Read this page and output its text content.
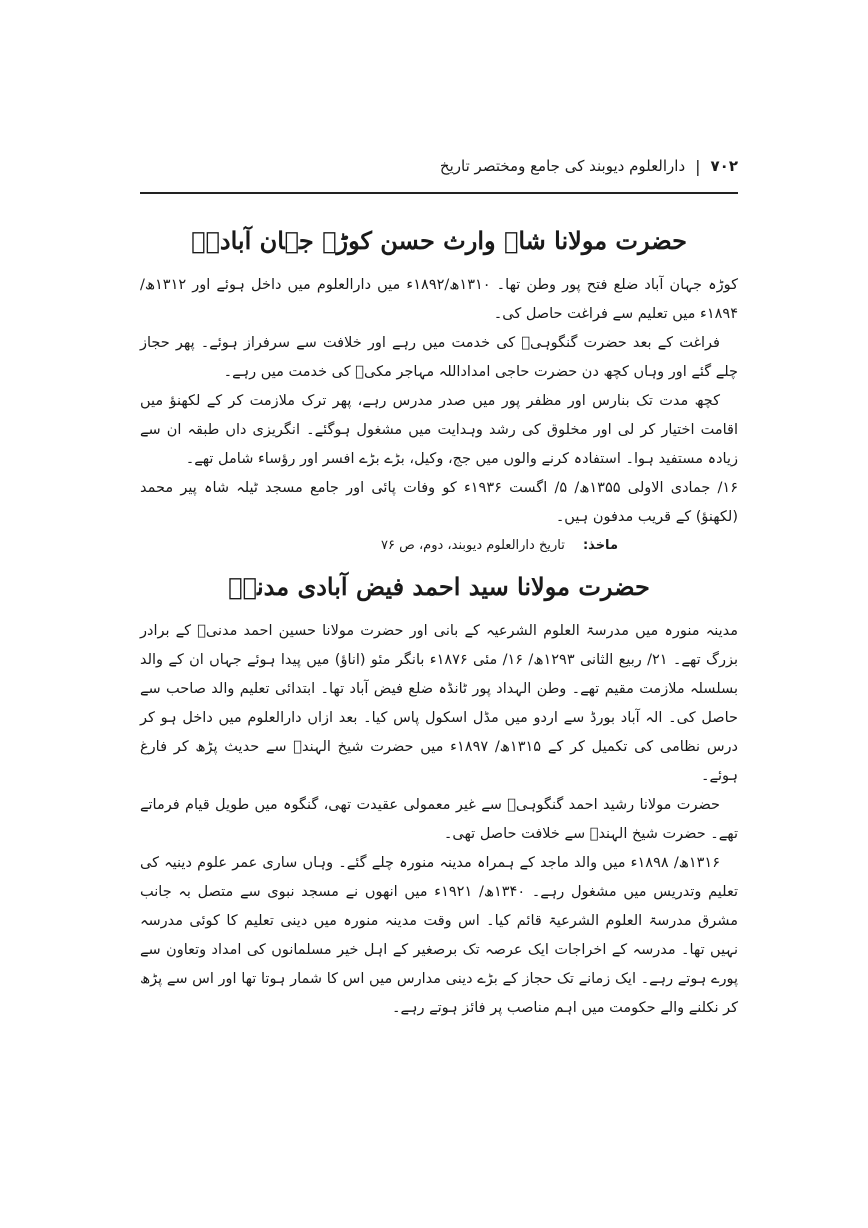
۷۰۲
|
دارالعلوم دیوبند کی جامع ومختصر تاریخ
حضرت مولانا شاہ وارث حسن کوڑہ جہان آبادیؒ

کوڑہ جہان آباد ضلع فتح پور وطن تھا۔ ۱۳۱۰ھ/۱۸۹۲ء میں دارالعلوم میں داخل ہوئے اور ۱۳۱۲ھ/۱۸۹۴ء میں تعلیم سے فراغت حاصل کی۔

فراغت کے بعد حضرت گنگوہیؒ کی خدمت میں رہے اور خلافت سے سرفراز ہوئے۔ پھر حجاز چلے گئے اور وہاں کچھ دن حضرت حاجی امداداللہ مہاجر مکیؒ کی خدمت میں رہے۔

کچھ مدت تک بنارس اور مظفر پور میں صدر مدرس رہے، پھر ترک ملازمت کر کے لکھنؤ میں اقامت اختیار کر لی اور مخلوق کی رشد وہدایت میں مشغول ہوگئے۔ انگریزی داں طبقہ ان سے زیادہ مستفید ہوا۔ استفادہ کرنے والوں میں جج، وکیل، بڑے بڑے افسر اور رؤساء شامل تھے۔

۱۶/ جمادی الاولی ۱۳۵۵ھ/ ۵/ اگست ۱۹۳۶ء کو وفات پائی اور جامع مسجد ٹیلہ شاہ پیر محمد (لکھنؤ) کے قریب مدفون ہیں۔

ماخذ: تاریخ دارالعلوم دیوبند، دوم، ص ۷۶
حضرت مولانا سید احمد فیض آبادی مدنیؒ

مدینہ منورہ میں مدرسۃ العلوم الشرعیہ کے بانی اور حضرت مولانا حسین احمد مدنیؒ کے برادر بزرگ تھے۔ ۲۱/ ربیع الثانی ۱۲۹۳ھ/ ۱۶/ مئی ۱۸۷۶ء بانگر مئو (اناؤ) میں پیدا ہوئے جہاں ان کے والد بسلسلہ ملازمت مقیم تھے۔ وطن الہداد پور ٹانڈہ ضلع فیض آباد تھا۔ ابتدائی تعلیم والد صاحب سے حاصل کی۔ الہ آباد بورڈ سے اردو میں مڈل اسکول پاس کیا۔ بعد ازاں دارالعلوم میں داخل ہو کر درس نظامی کی تکمیل کر کے ۱۳۱۵ھ/ ۱۸۹۷ء میں حضرت شیخ الہندؒ سے حدیث پڑھ کر فارغ ہوئے۔

حضرت مولانا رشید احمد گنگوہیؒ سے غیر معمولی عقیدت تھی، گنگوہ میں طویل قیام فرماتے تھے۔ حضرت شیخ الہندؒ سے خلافت حاصل تھی۔

۱۳۱۶ھ/ ۱۸۹۸ء میں والد ماجد کے ہمراہ مدینہ منورہ چلے گئے۔ وہاں ساری عمر علوم دینیہ کی تعلیم وتدریس میں مشغول رہے۔ ۱۳۴۰ھ/ ۱۹۲۱ء میں انھوں نے مسجد نبوی سے متصل بہ جانب مشرق مدرسۃ العلوم الشرعیۃ قائم کیا۔ اس وقت مدینہ منورہ میں دینی تعلیم کا کوئی مدرسہ نہیں تھا۔ مدرسہ کے اخراجات ایک عرصہ تک برصغیر کے اہل خیر مسلمانوں کی امداد وتعاون سے پورے ہوتے رہے۔ ایک زمانے تک حجاز کے بڑے دینی مدارس میں اس کا شمار ہوتا تھا اور اس سے پڑھ کر نکلنے والے حکومت میں اہم مناصب پر فائز ہوتے رہے۔
